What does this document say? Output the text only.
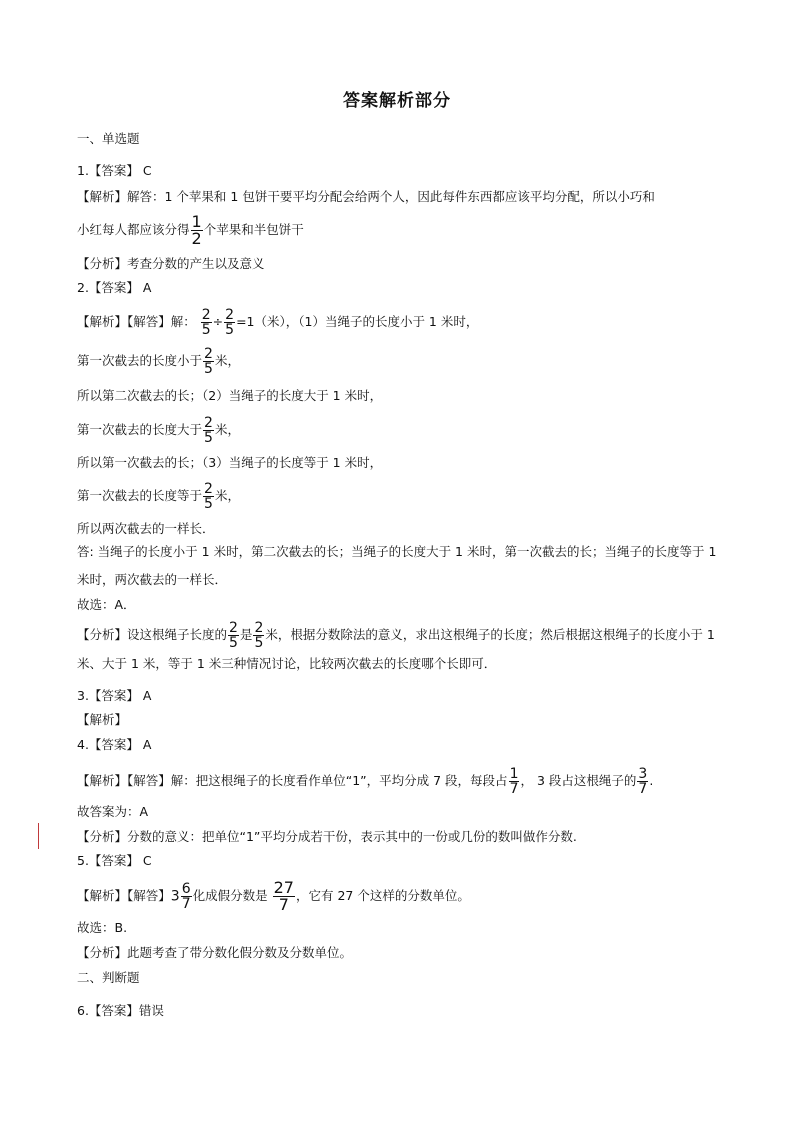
答案解析部分
一、单选题
1.【答案】 C
【解析】解答：1 个苹果和 1 包饼干要平均分配会给两个人，因此每件东西都应该平均分配，所以小巧和
小红每人都应该分得 $\frac{1}{2}$ 个苹果和半包饼干
【分析】考查分数的产生以及意义
2.【答案】 A
【解析】【解答】解： $\frac{2}{5} \div \frac{2}{5} =1$（米），（1）当绳子的长度小于 1 米时，
第一次截去的长度小于 $\frac{2}{5}$ 米，
所以第二次截去的长；（2）当绳子的长度大于 1 米时，
第一次截去的长度大于 $\frac{2}{5}$ 米，
所以第一次截去的长；（3）当绳子的长度等于 1 米时，
第一次截去的长度等于 $\frac{2}{5}$ 米，
所以两次截去的一样长．
答: 当绳子的长度小于 1 米时，第二次截去的长；当绳子的长度大于 1 米时，第一次截去的长；当绳子的长度等于 1 米时，两次截去的一样长．
故选：A．
【分析】设这根绳子长度的 $\frac{2}{5}$ 是 $\frac{2}{5}$ 米，根据分数除法的意义，求出这根绳子的长度；然后根据这根绳子的长度小于 1 米、大于 1 米，等于 1 米三种情况讨论，比较两次截去的长度哪个长即可．
3.【答案】 A
【解析】
4.【答案】 A
【解析】【解答】解：把这根绳子的长度看作单位“1”，平均分成 7 段，每段占 $\frac{1}{7}$ ， 3 段占这根绳子的 $\frac{3}{7}$ .
故答案为：A
【分析】分数的意义：把单位“1”平均分成若干份，表示其中的一份或几份的数叫做作分数.
5.【答案】 C
【解析】【解答】$3 \frac{6}{7}$ 化成假分数是 $\frac{27}{7}$ ，它有 27 个这样的分数单位。
故选：B.
【分析】此题考查了带分数化假分数及分数单位。
二、判断题
6.【答案】错误
